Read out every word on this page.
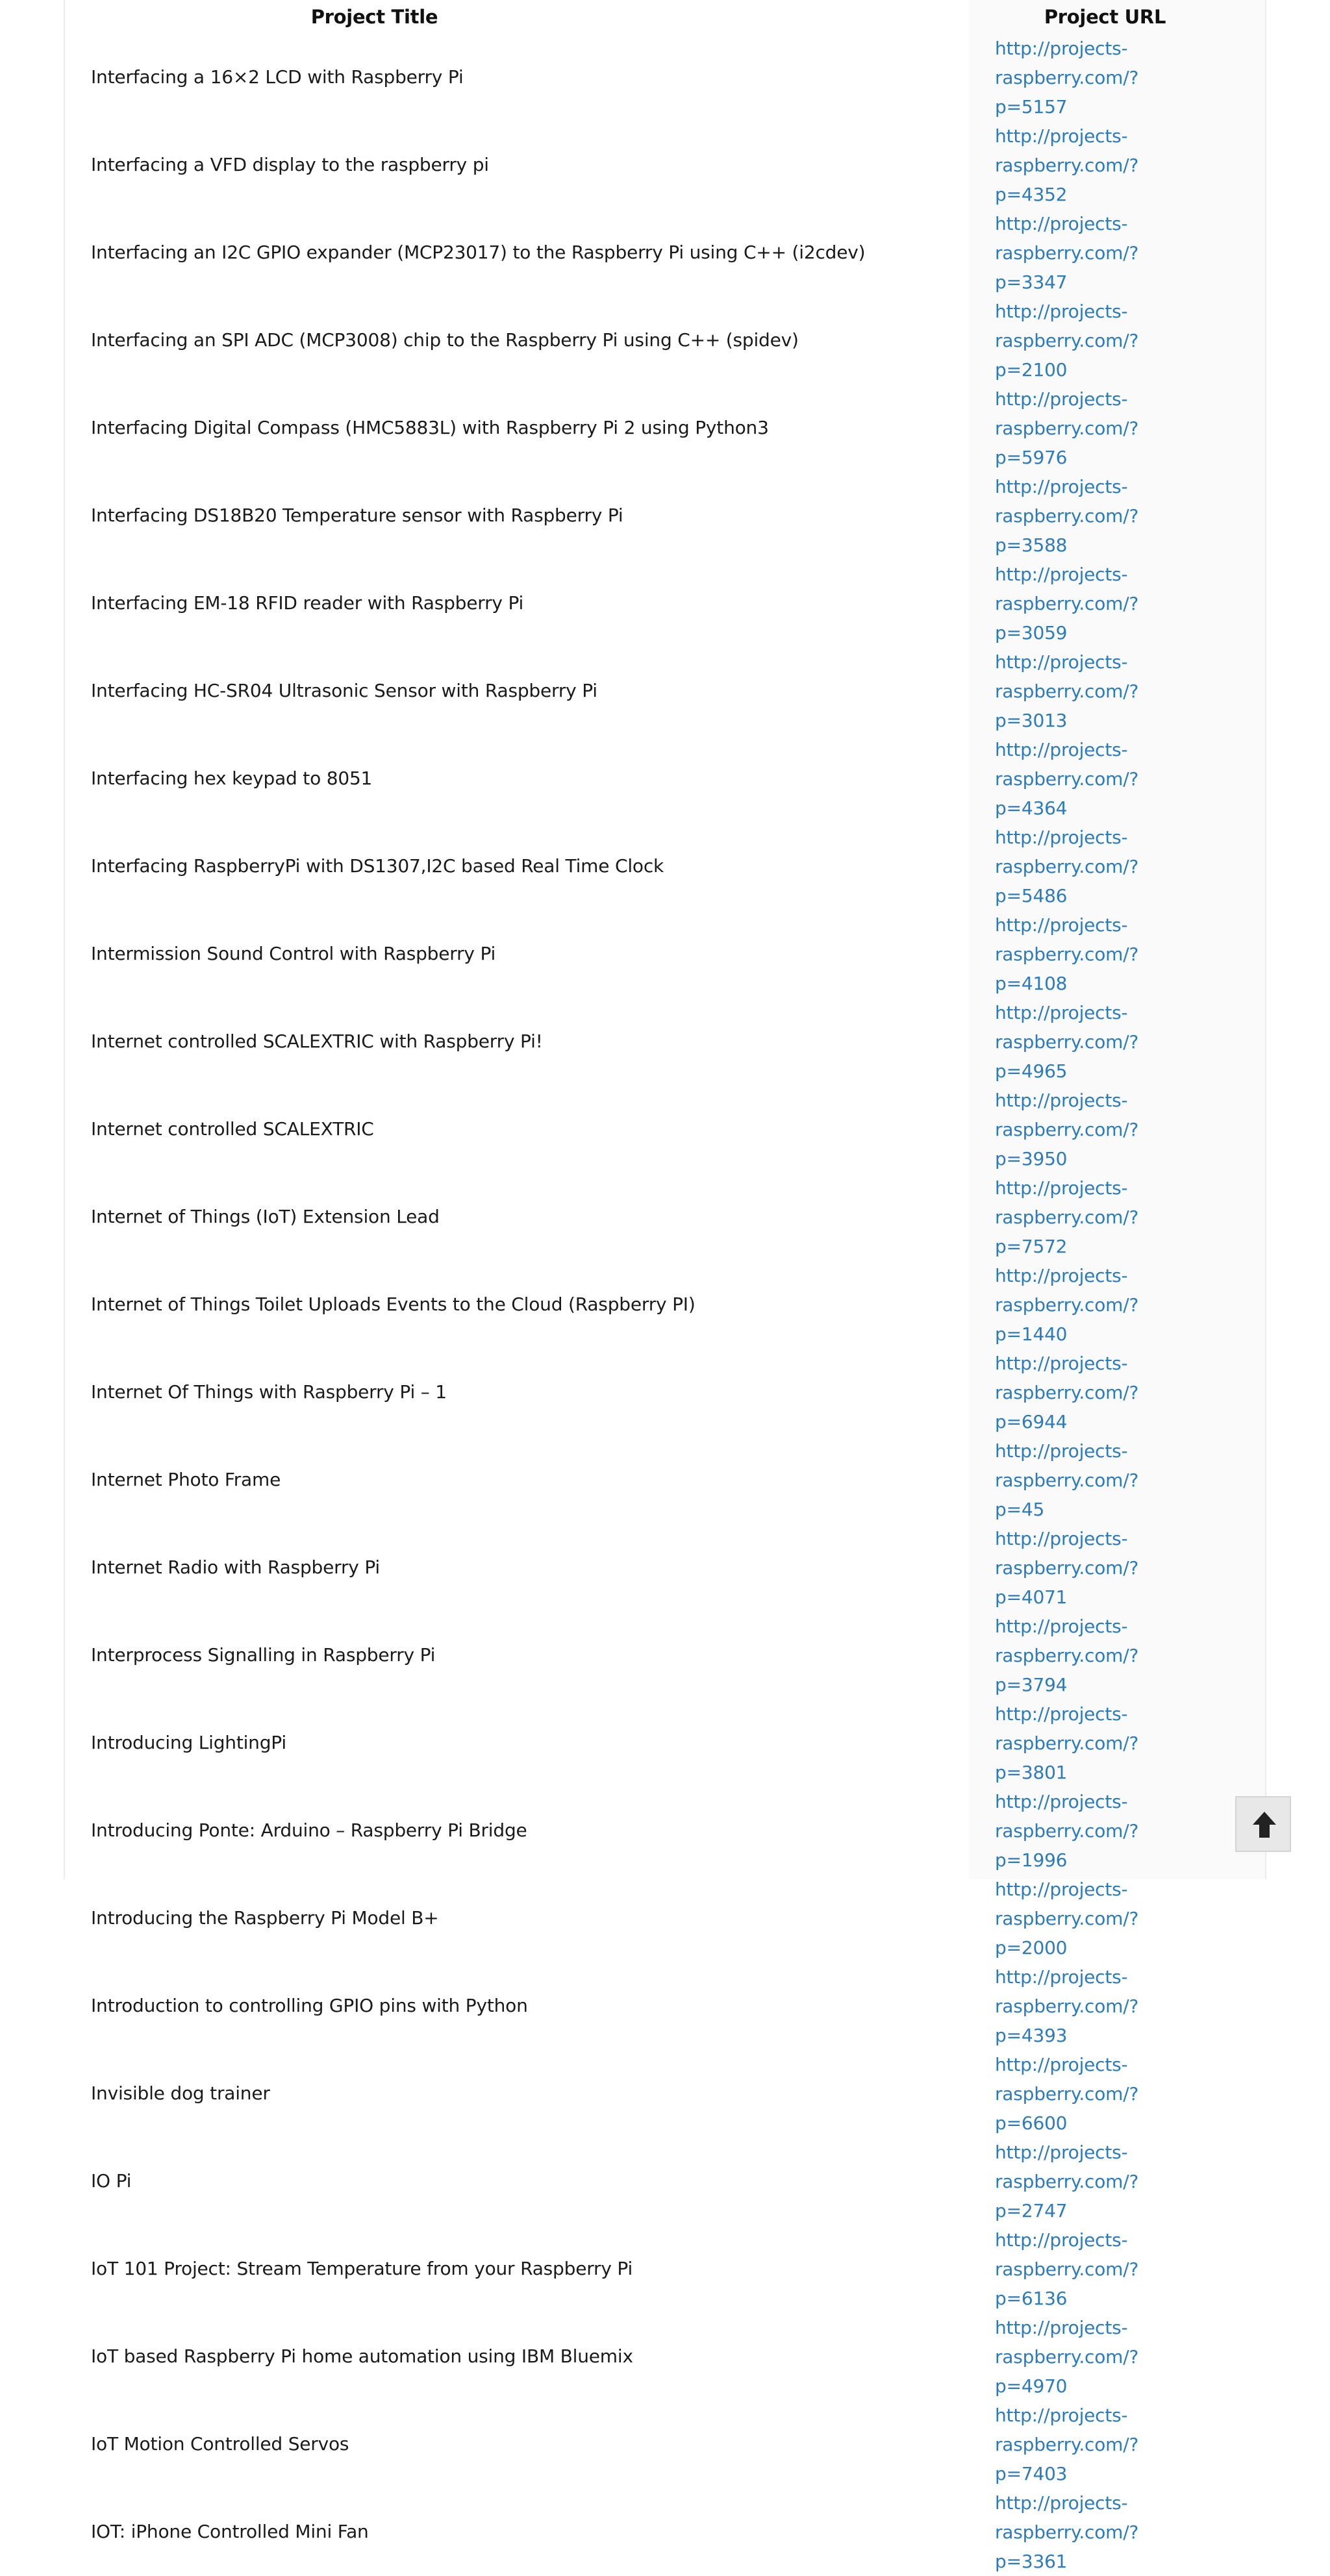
Project Title	Project URL
Interfacing a 16×2 LCD with Raspberry Pi	http://projects-raspberry.com/?
p=5157

Interfacing a VFD display to the raspberry pi	http://projects-raspberry.com/?
p=4352

Interfacing an I2C GPIO expander (MCP23017) to the Raspberry Pi using C++ (i2cdev)	http://projects-raspberry.com/?
p=3347

Interfacing an SPI ADC (MCP3008) chip to the Raspberry Pi using C++ (spidev)	http://projects-raspberry.com/?
p=2100

Interfacing Digital Compass (HMC5883L) with Raspberry Pi 2 using Python3	http://projects-raspberry.com/?
p=5976

Interfacing DS18B20 Temperature sensor with Raspberry Pi	http://projects-raspberry.com/?
p=3588

Interfacing EM-18 RFID reader with Raspberry Pi	http://projects-raspberry.com/?
p=3059

Interfacing HC-SR04 Ultrasonic Sensor with Raspberry Pi	http://projects-raspberry.com/?
p=3013

Interfacing hex keypad to 8051	http://projects-raspberry.com/?
p=4364

Interfacing RaspberryPi with DS1307,I2C based Real Time Clock	http://projects-raspberry.com/?
p=5486

Intermission Sound Control with Raspberry Pi	http://projects-raspberry.com/?
p=4108

Internet controlled SCALEXTRIC with Raspberry Pi!	http://projects-raspberry.com/?
p=4965

Internet controlled SCALEXTRIC	http://projects-raspberry.com/?
p=3950

Internet of Things (IoT) Extension Lead	http://projects-raspberry.com/?
p=7572

Internet of Things Toilet Uploads Events to the Cloud (Raspberry PI)	http://projects-raspberry.com/?
p=1440

Internet Of Things with Raspberry Pi – 1	http://projects-raspberry.com/?
p=6944

Internet Photo Frame	http://projects-raspberry.com/?
p=45

Internet Radio with Raspberry Pi	http://projects-raspberry.com/?
p=4071

Interprocess Signalling in Raspberry Pi	http://projects-raspberry.com/?
p=3794

Introducing LightingPi	http://projects-raspberry.com/?
p=3801

Introducing Ponte: Arduino – Raspberry Pi Bridge	http://projects-raspberry.com/?
p=1996

Introducing the Raspberry Pi Model B+	http://projects-raspberry.com/?
p=2000

Introduction to controlling GPIO pins with Python	http://projects-raspberry.com/?
p=4393

Invisible dog trainer	http://projects-raspberry.com/?
p=6600

IO Pi	http://projects-raspberry.com/?
p=2747

IoT 101 Project: Stream Temperature from your Raspberry Pi	http://projects-raspberry.com/?
p=6136

IoT based Raspberry Pi home automation using IBM Bluemix	http://projects-raspberry.com/?
p=4970

IoT Motion Controlled Servos	http://projects-raspberry.com/?
p=7403

IOT: iPhone Controlled Mini Fan	http://projects-raspberry.com/?
p=3361
